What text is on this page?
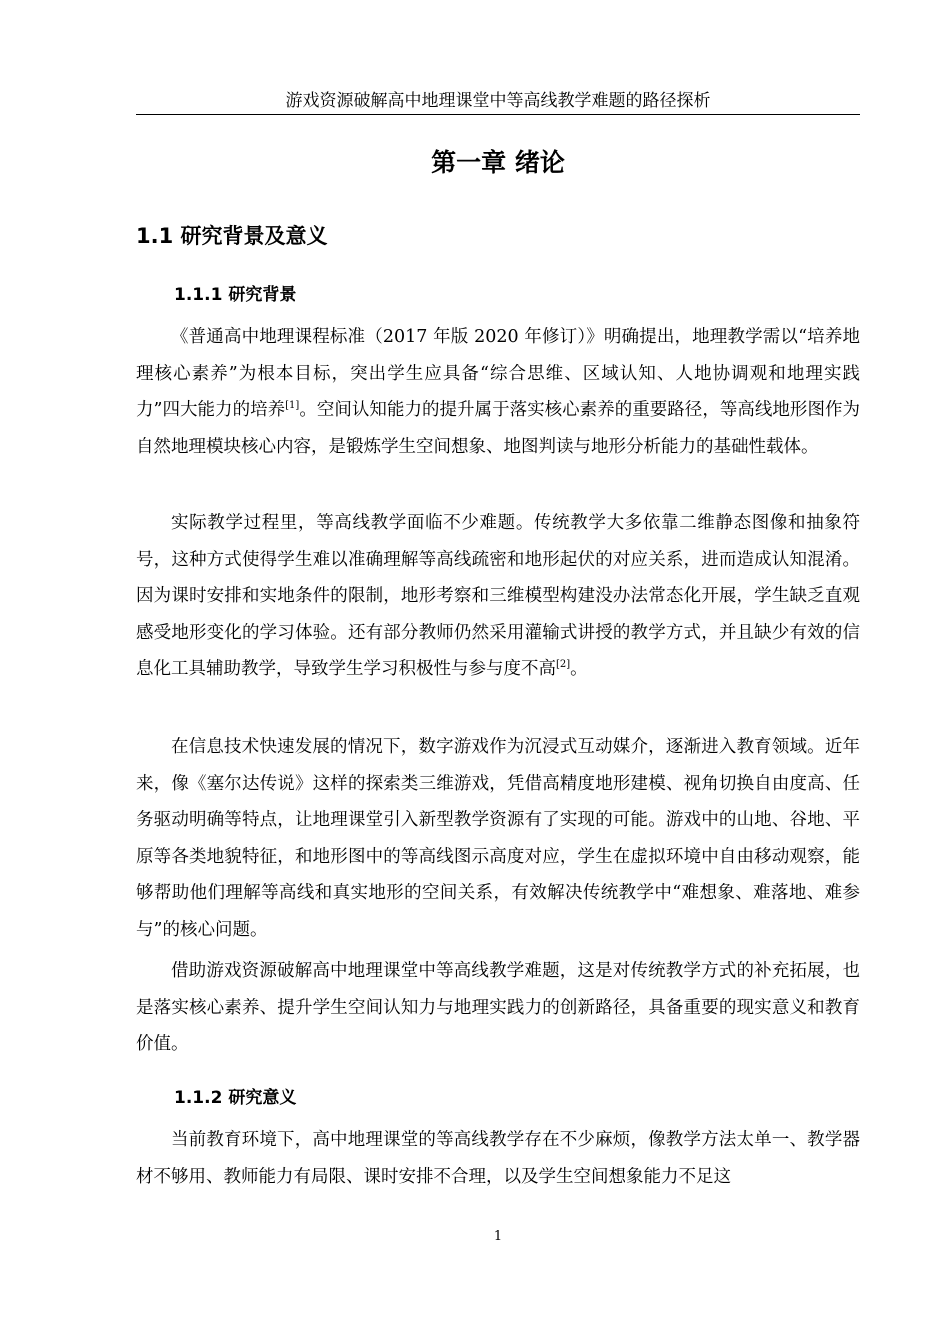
游戏资源破解高中地理课堂中等高线教学难题的路径探析
第一章 绪论
1.1 研究背景及意义
1.1.1 研究背景

《普通高中地理课程标准（2017 年版 2020 年修订）》明确提出，地理教学需以“培养地理核心素养”为根本目标，突出学生应具备“综合思维、区域认知、人地协调观和地理实践力”四大能力的培养[1]。空间认知能力的提升属于落实核心素养的重要路径，等高线地形图作为自然地理模块核心内容，是锻炼学生空间想象、地图判读与地形分析能力的基础性载体。

实际教学过程里，等高线教学面临不少难题。传统教学大多依靠二维静态图像和抽象符号，这种方式使得学生难以准确理解等高线疏密和地形起伏的对应关系，进而造成认知混淆。因为课时安排和实地条件的限制，地形考察和三维模型构建没办法常态化开展，学生缺乏直观感受地形变化的学习体验。还有部分教师仍然采用灌输式讲授的教学方式，并且缺少有效的信息化工具辅助教学，导致学生学习积极性与参与度不高[2]。

在信息技术快速发展的情况下，数字游戏作为沉浸式互动媒介，逐渐进入教育领域。近年来，像《塞尔达传说》这样的探索类三维游戏，凭借高精度地形建模、视角切换自由度高、任务驱动明确等特点，让地理课堂引入新型教学资源有了实现的可能。游戏中的山地、谷地、平原等各类地貌特征，和地形图中的等高线图示高度对应，学生在虚拟环境中自由移动观察，能够帮助他们理解等高线和真实地形的空间关系，有效解决传统教学中“难想象、难落地、难参与”的核心问题。

借助游戏资源破解高中地理课堂中等高线教学难题，这是对传统教学方式的补充拓展，也是落实核心素养、提升学生空间认知力与地理实践力的创新路径，具备重要的现实意义和教育价值。

1.1.2 研究意义

当前教育环境下，高中地理课堂的等高线教学存在不少麻烦，像教学方法太单一、教学器材不够用、教师能力有局限、课时安排不合理，以及学生空间想象能力不足这

1
